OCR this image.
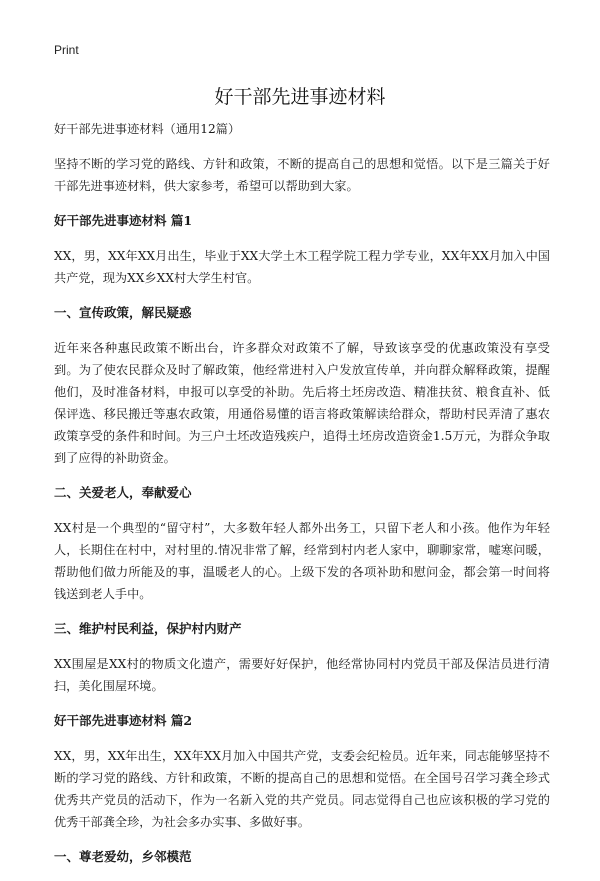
Print
好干部先进事迹材料

好干部先进事迹材料（通用12篇）

坚持不断的学习党的路线、方针和政策，不断的提高自己的思想和觉悟。以下是三篇关于好干部先进事迹材料，供大家参考，希望可以帮助到大家。

好干部先进事迹材料 篇1

XX，男，XX年XX月出生，毕业于XX大学土木工程学院工程力学专业，XX年XX月加入中国共产党，现为XX乡XX村大学生村官。

一、宣传政策，解民疑惑

近年来各种惠民政策不断出台，许多群众对政策不了解，导致该享受的优惠政策没有享受到。为了使农民群众及时了解政策，他经常进村入户发放宣传单，并向群众解释政策，提醒他们，及时准备材料，申报可以享受的补助。先后将土坯房改造、精准扶贫、粮食直补、低保评选、移民搬迁等惠农政策，用通俗易懂的语言将政策解读给群众，帮助村民弄清了惠农政策享受的条件和时间。为三户土坯改造残疾户，追得土坯房改造资金1.5万元，为群众争取到了应得的补助资金。

二、关爱老人，奉献爱心

XX村是一个典型的“留守村”，大多数年轻人都外出务工，只留下老人和小孩。他作为年轻人，长期住在村中，对村里的.情况非常了解，经常到村内老人家中，聊聊家常，嘘寒问暖，帮助他们做力所能及的事，温暖老人的心。上级下发的各项补助和慰问金，都会第一时间将钱送到老人手中。

三、维护村民利益，保护村内财产

XX围屋是XX村的物质文化遗产，需要好好保护，他经常协同村内党员干部及保洁员进行清扫，美化围屋环境。

好干部先进事迹材料 篇2

XX，男，XX年出生，XX年XX月加入中国共产党，支委会纪检员。近年来，同志能够坚持不断的学习党的路线、方针和政策，不断的提高自己的思想和觉悟。在全国号召学习龚全珍式优秀共产党员的活动下，作为一名新入党的共产党员。同志觉得自己也应该积极的学习党的优秀干部龚全珍，为社会多办实事、多做好事。

一、尊老爱幼，乡邻模范
